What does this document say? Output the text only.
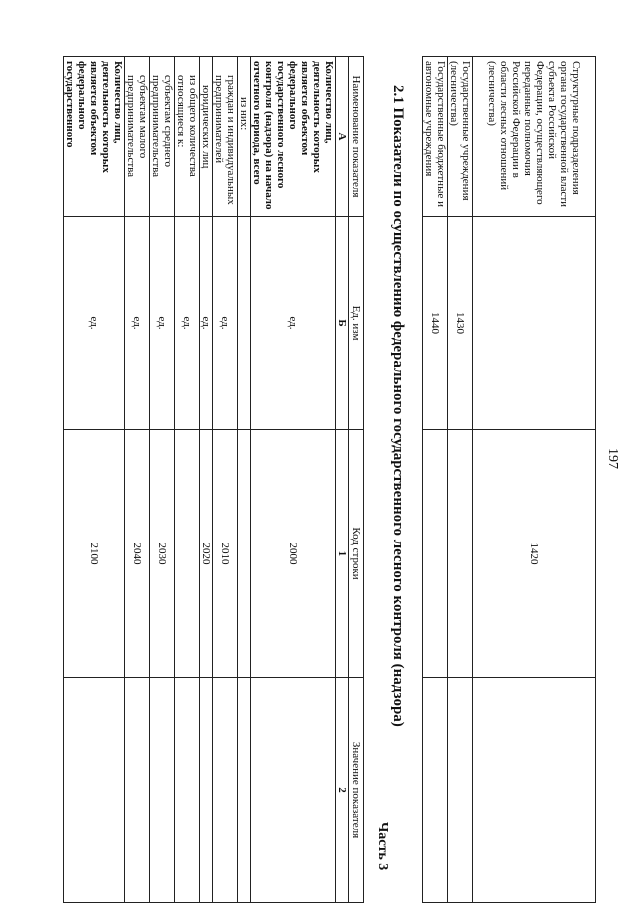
197
Структурные подразделения органа государственной власти субъекта Российской Федерации, осуществляющего переданные полномочия Российской Федерации в области лесных отношений (лесничества)		1420	
Государственные учреждения (лесничества)	1430		
Государственные бюджетные и автономные учреждения	1440		
2.1 Показатели по осуществлению федерального государственного лесного контроля (надзора)
Часть 3
Наименование показателя	Ед. изм	Код строки	Значение показателя
А	Б	1	2
Количество лиц, деятельность которых является объектом федерального государственного лесного контроля (надзора) на начало отчетного периода, всего	ед.	2000	
из них:			
граждан и индивидуальных предпринимателей	ед.	2010	
юридических лиц	ед.	2020	
из общего количества относящиеся к:	ед.		
субъектам среднего предпринимательства	ед.	2030	
субъектам малого предпринимательства	ед.	2040	
Количество лиц, деятельность которых является объектом федерального государственного	ед.	2100	
